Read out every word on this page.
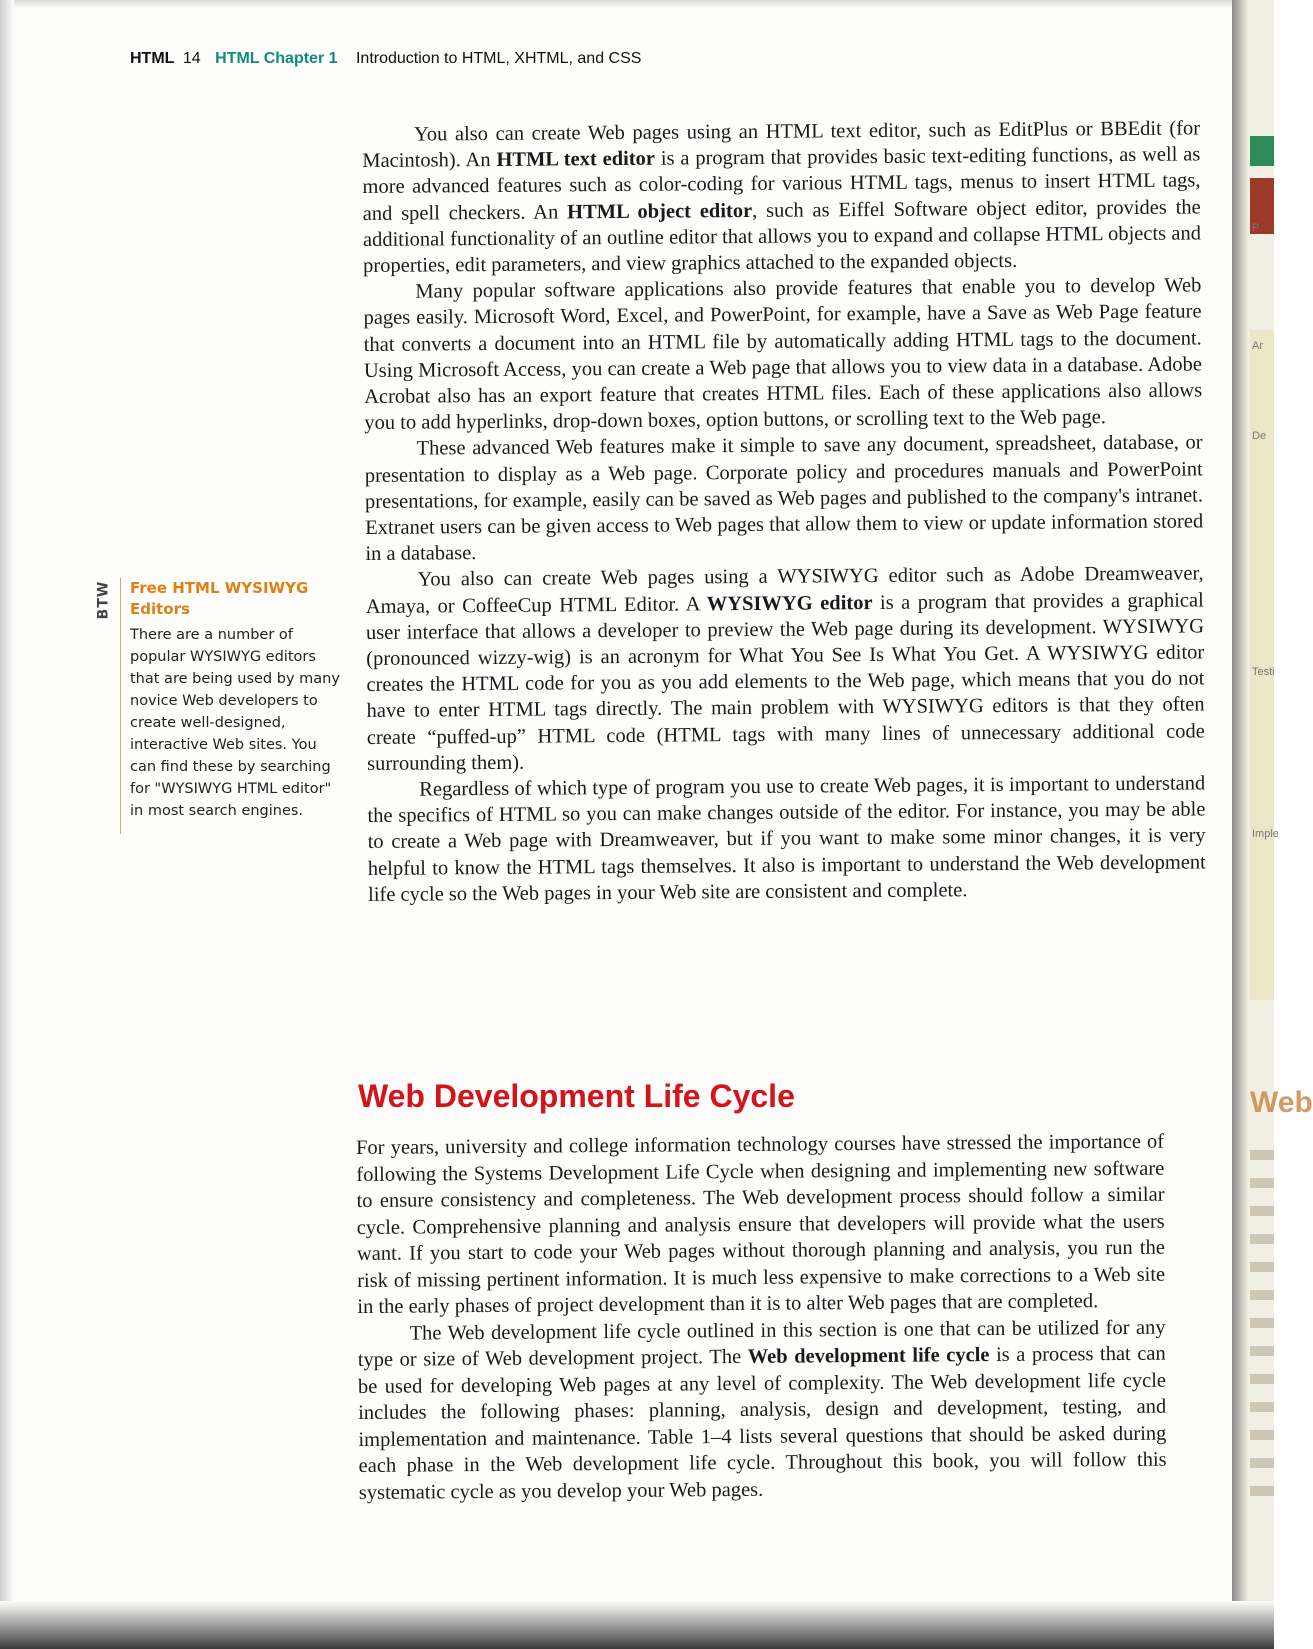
HTML 14 HTML Chapter 1 Introduction to HTML, XHTML, and CSS
BTW Free HTML WYSIWYG Editors
There are a number of popular WYSIWYG editors that are being used by many novice Web developers to create well-designed, interactive Web sites. You can find these by searching for "WYSIWYG HTML editor" in most search engines.

You also can create Web pages using an HTML text editor, such as EditPlus or BBEdit (for Macintosh). An HTML text editor is a program that provides basic text-editing functions, as well as more advanced features such as color-coding for various HTML tags, menus to insert HTML tags, and spell checkers. An HTML object editor, such as Eiffel Software object editor, provides the additional functionality of an outline editor that allows you to expand and collapse HTML objects and properties, edit parameters, and view graphics attached to the expanded objects.

Many popular software applications also provide features that enable you to develop Web pages easily. Microsoft Word, Excel, and PowerPoint, for example, have a Save as Web Page feature that converts a document into an HTML file by automatically adding HTML tags to the document. Using Microsoft Access, you can create a Web page that allows you to view data in a database. Adobe Acrobat also has an export feature that creates HTML files. Each of these applications also allows you to add hyperlinks, drop-down boxes, option buttons, or scrolling text to the Web page.

These advanced Web features make it simple to save any document, spreadsheet, database, or presentation to display as a Web page. Corporate policy and procedures manuals and PowerPoint presentations, for example, easily can be saved as Web pages and published to the company's intranet. Extranet users can be given access to Web pages that allow them to view or update information stored in a database.

You also can create Web pages using a WYSIWYG editor such as Adobe Dreamweaver, Amaya, or CoffeeCup HTML Editor. A WYSIWYG editor is a program that provides a graphical user interface that allows a developer to preview the Web page during its development. WYSIWYG (pronounced wizzy-wig) is an acronym for What You See Is What You Get. A WYSIWYG editor creates the HTML code for you as you add elements to the Web page, which means that you do not have to enter HTML tags directly. The main problem with WYSIWYG editors is that they often create “puffed-up” HTML code (HTML tags with many lines of unnecessary additional code surrounding them).

Regardless of which type of program you use to create Web pages, it is important to understand the specifics of HTML so you can make changes outside of the editor. For instance, you may be able to create a Web page with Dreamweaver, but if you want to make some minor changes, it is very helpful to know the HTML tags themselves. It also is important to understand the Web development life cycle so the Web pages in your Web site are consistent and complete.

Web Development Life Cycle

For years, university and college information technology courses have stressed the importance of following the Systems Development Life Cycle when designing and implementing new software to ensure consistency and completeness. The Web development process should follow a similar cycle. Comprehensive planning and analysis ensure that developers will provide what the users want. If you start to code your Web pages without thorough planning and analysis, you run the risk of missing pertinent information. It is much less expensive to make corrections to a Web site in the early phases of project development than it is to alter Web pages that are completed.

The Web development life cycle outlined in this section is one that can be utilized for any type or size of Web development project. The Web development life cycle is a process that can be used for developing Web pages at any level of complexity. The Web development life cycle includes the following phases: planning, analysis, design and development, testing, and implementation and maintenance. Table 1–4 lists several questions that should be asked during each phase in the Web development life cycle. Throughout this book, you will follow this systematic cycle as you develop your Web pages.

P
Ar
De
Testi
Imple
Web
